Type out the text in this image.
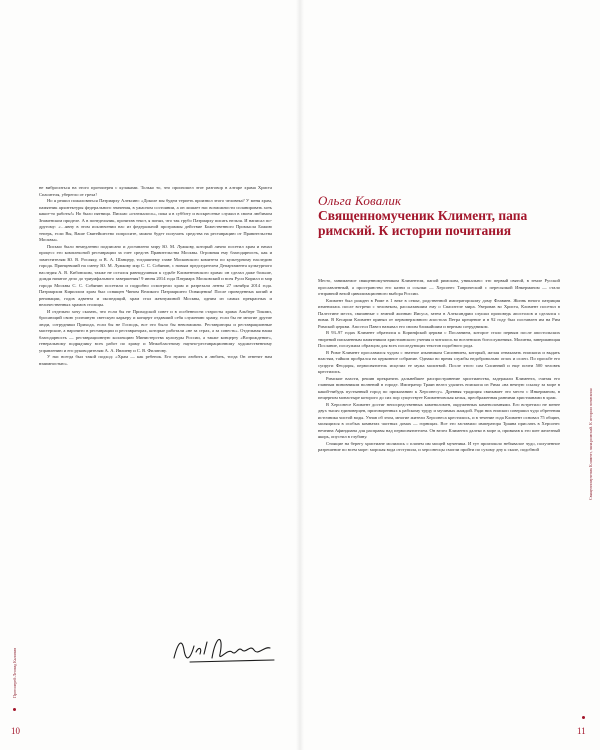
не виброситься на этого протоиерея с кулаками. Только то, что произошел этот разговор в алтаре храма Христа Спасителя, уберегло от греха!

Но я решил пожаловаться Патриарху Алексию: «Доколе мы будем терпеть произвол этого человека? У меня храм, памятник архитектуры федерального значения, в ужасном состоянии, а он лишает нас возможности спланировать хоть какое-то работы!» Но было пятница. Письмо «отлежалось», пока я в субботу и воскресенье служил в своем любимом Знаменском приделе. А в понедельник, прочитав текст, я понял, что так грубо Патриарху писать нельзя. И написал по-другому: «…явну в этом исключении нас из федеральной программы действие Божественного Промысла Божию теперь, если Вы, Ваше Святейшество попросите, можно будет получить средства на реставрацию от Правительства Москвы».

Письмо было немедленно подписано и доставлено мэру Ю. М. Лужкову, который лично посетил храм и начал процесс его комплексной реставрации за счет средств Правительства Москвы. Огромная ему благодарность, как и заместителям Ю. В. Росляку, и В. А. Шанцеру, тогдашнему главе Московского комитета по культурному наследию города. Принцевший на смену Ю. М. Лужкову мэр С. С. Собянин, с новым председателем Департамента культурного наследия А. В. Кибовским, также не остался равнодушным к судьбе Климентовского храма: он сделал даже больше, дождя начатое дело до триумфального завершения! 9 июня 2014 года Патриарх Московский и всея Руси Кирилл и мэр города Москвы С. С. Собянин посетили и подробно осмотрели храм и разрезали ленты 27 октября 2014 года. Патриархом Кириллом храм был освящен Чином Великого Патриаршего Освящения! После проведенных копий и реновации, годов адвента и экспедиций, храм стал жемчужиной Москвы, одним из самых прекрасных и величественных храмов столицы.

И отдельно хочу сказать, что если бы не Приходской совет и в особенности старосты храма Альберт Токомп, бросающий свою успешную светскую карьеру и концерт отдавший себя служению храму, если бы не многие другие люди, сотрудники Прихода, если бы не Господь, все это было бы невозможно. Реставраторы и реставрационные мастерские, а нарочито в реставрации и реставраторах, которые работали «не за страх, а за совесть». Отдельная наша благодарность — реставрационную коллекцию Министерства культуры России, а также концерту «Возрождение», генеральному подрядчику всех работ по храму и Межобластному научно-реставрационному художественному управлению и его руководителям А. А. Ивлиеву и С. В. Филатову.

У нас всегда был такой подход: «Храм — как ребенок. Его нужно любить и любить, тогда Он ответит нам взаимностью».

Протоиерей Леонид Калинин
10
Ольга Ковалик
Священномученик Климент, папа римский. К истории почитания

Место, занимаемое священномучеником Климентом, папой римским, уникально: это первый святой, в земле Русской прославленный, а пространство его казни и ссылки — Херсонес Таврический с пересыпкой Инкерманом — стало отправной вехой цивилизационного выбора России.

Климент был рожден в Риме в 1 веке в семье, родственной императорскому дому Флавиев. Жизнь юного патриция изменилась после встречи с человеком, рассказавшим ему о Спасителе мира. Уверовав во Христа, Климент посетил в Палестине места, связанные с земной жизнью Иисуса, затем в Александрии слушал проповедь апостолов и сделался с ними. В Кесарии Климент принял от первоверховного апостола Петра крещение и в 92 году был поставлен им на Рим Римской церкви. Апостол Павел называл его своим ближайшим и верным сотрудником.

В 93–97 годах Климент обратился к Коринфской церкви с Посланием, которое стало первым после апостольских творений письменным памятником христианского учения и читалось во вселенских богослужениях. Молитва, завершающая Послание, послужила образцом для всех последующих текстов подобного рода.

В Риме Климент прославился чудом с знатное язычником Сисиннием, который, желая отнаказать епископа и выдать властям, тайком пробрался на церковное собрание. Однако во время службы недобровольно оглох и ослеп. По просьбе его супруги Феодоры, первосвятитель исцелил ее мужа молитвой. После этого сам Сисинний и еще почти 500 человек крестились.

Римские власти, решив прекратить дальнейшее распространение христианства, задержали Климента, считая его главным виновником волнений в городе. Император Траян велел удалить епископа из Рима «на вечную ссылку за море в какой-нибудь пустынный город по приказанию к Херсонесу». Древняя традиция связывает это место с Инкерманом, в пещерном монастыре которого до сих пор существует Климентовская келья, преображенная ранними христианами в храм.

В Херсонесе Климент достиг непосредственных каменоломен, окруженных каменоломнями. Его встретило не менее двух тысяч единоверцев, приговоренных к рабскому труду и мучимых жаждой. Ради них епископ совершил чудо обретения источника чистой воды. Узнав об этом, многие жители Херсонеса крестились, и в течение года Климент основал 75 общин, молящихся в особых комнатах частных домах — горницах. Все это заставило императора Траяна прислать в Херсонес нечеина Афиндиана для расправы над первосвятителем. Он велел Климента далеко в море и, привязав к его шее железный якорь, опустил в глубину.

Стоящие на берегу христиане молились с плачем им мощей мученика. И тут произошло небывалое чудо, полученное разрешение по всем море: морская вода отступила, и херсонесцы смогли пройти по сухому дну к скале, подобной	Священномученик Климент, папа римский. К истории почитания
11
